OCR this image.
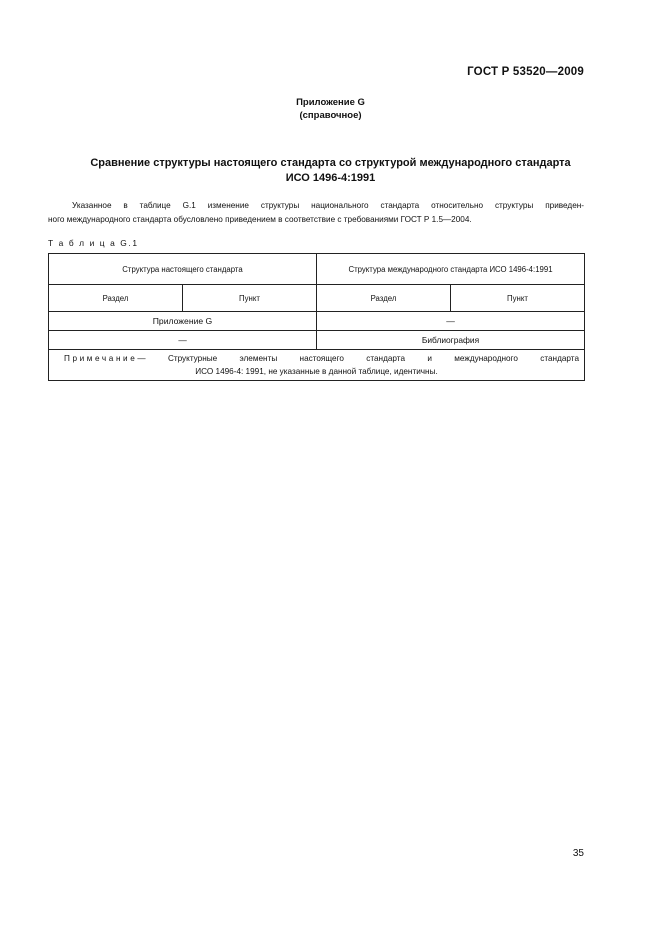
ГОСТ Р 53520—2009
Приложение G
(справочное)
Сравнение структуры настоящего стандарта со структурой международного стандарта
ИСО 1496-4:1991
Указанное в таблице G.1 изменение структуры национального стандарта относительно структуры приведен-
ного международного стандарта обусловлено приведением в соответствие с требованиями ГОСТ Р 1.5—2004.
Т а б л и ц а G.1
Структура настоящего стандарта		Структура международного стандарта ИСО 1496-4:1991	
Раздел	Пункт	Раздел	Пункт
Приложение G		—	
—		Библиография	

Примечание— Структурные элементы настоящего стандарта и международного стандарта
ИСО 1496-4: 1991, не указанные в данной таблице, идентичны.			
35
